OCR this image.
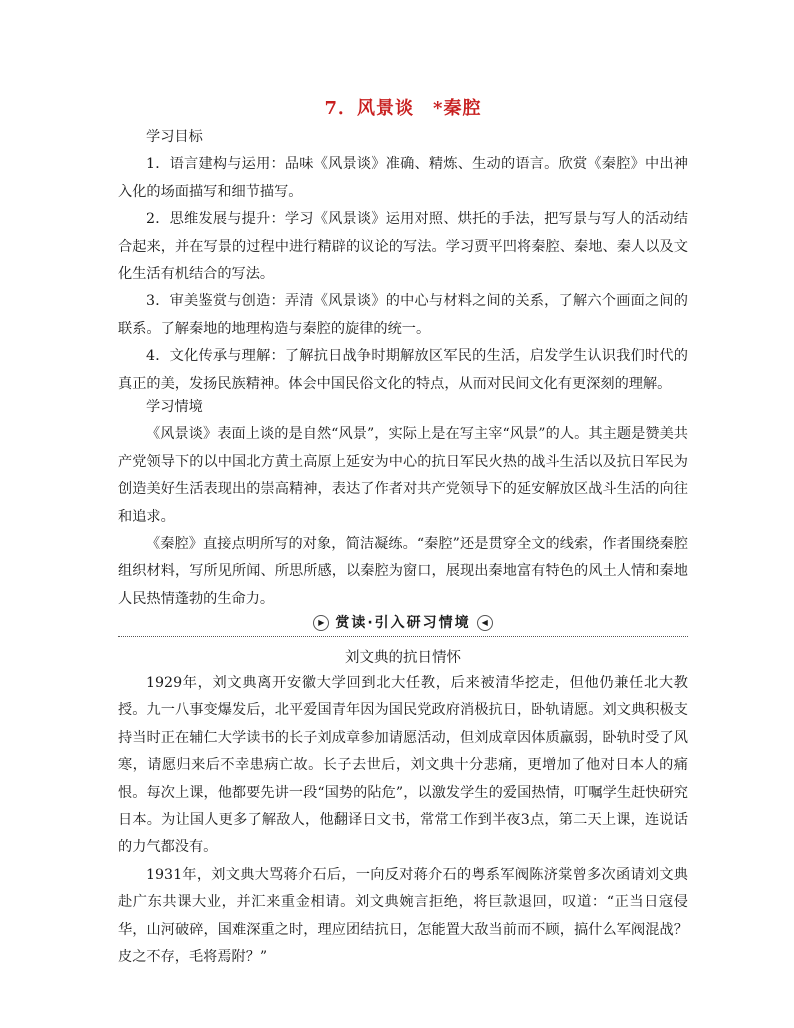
7．风景谈　*秦腔
学习目标

1．语言建构与运用：品味《风景谈》准确、精炼、生动的语言。欣赏《秦腔》中出神入化的场面描写和细节描写。

2．思维发展与提升：学习《风景谈》运用对照、烘托的手法，把写景与写人的活动结合起来，并在写景的过程中进行精辟的议论的写法。学习贾平凹将秦腔、秦地、秦人以及文化生活有机结合的写法。

3．审美鉴赏与创造：弄清《风景谈》的中心与材料之间的关系，了解六个画面之间的联系。了解秦地的地理构造与秦腔的旋律的统一。

4．文化传承与理解：了解抗日战争时期解放区军民的生活，启发学生认识我们时代的真正的美，发扬民族精神。体会中国民俗文化的特点，从而对民间文化有更深刻的理解。

学习情境

《风景谈》表面上谈的是自然“风景”，实际上是在写主宰“风景”的人。其主题是赞美共产党领导下的以中国北方黄土高原上延安为中心的抗日军民火热的战斗生活以及抗日军民为创造美好生活表现出的崇高精神，表达了作者对共产党领导下的延安解放区战斗生活的向往和追求。

《秦腔》直接点明所写的对象，简洁凝练。“秦腔”还是贯穿全文的线索，作者围绕秦腔组织材料，写所见所闻、所思所感，以秦腔为窗口，展现出秦地富有特色的风土人情和秦地人民热情蓬勃的生命力。

▶ 赏读·引入研习情境 ◀
刘文典的抗日情怀

1929年，刘文典离开安徽大学回到北大任教，后来被清华挖走，但他仍兼任北大教授。九一八事变爆发后，北平爱国青年因为国民党政府消极抗日，卧轨请愿。刘文典积极支持当时正在辅仁大学读书的长子刘成章参加请愿活动，但刘成章因体质羸弱，卧轨时受了风寒，请愿归来后不幸患病亡故。长子去世后，刘文典十分悲痛，更增加了他对日本人的痛恨。每次上课，他都要先讲一段“国势的阽危”，以激发学生的爱国热情，叮嘱学生赶快研究日本。为让国人更多了解敌人，他翻译日文书，常常工作到半夜3点，第二天上课，连说话的力气都没有。

1931年，刘文典大骂蒋介石后，一向反对蒋介石的粤系军阀陈济棠曾多次函请刘文典赴广东共课大业，并汇来重金相请。刘文典婉言拒绝，将巨款退回，叹道：“正当日寇侵华，山河破碎，国难深重之时，理应团结抗日，怎能置大敌当前而不顾，搞什么军阀混战？皮之不存，毛将焉附？”
